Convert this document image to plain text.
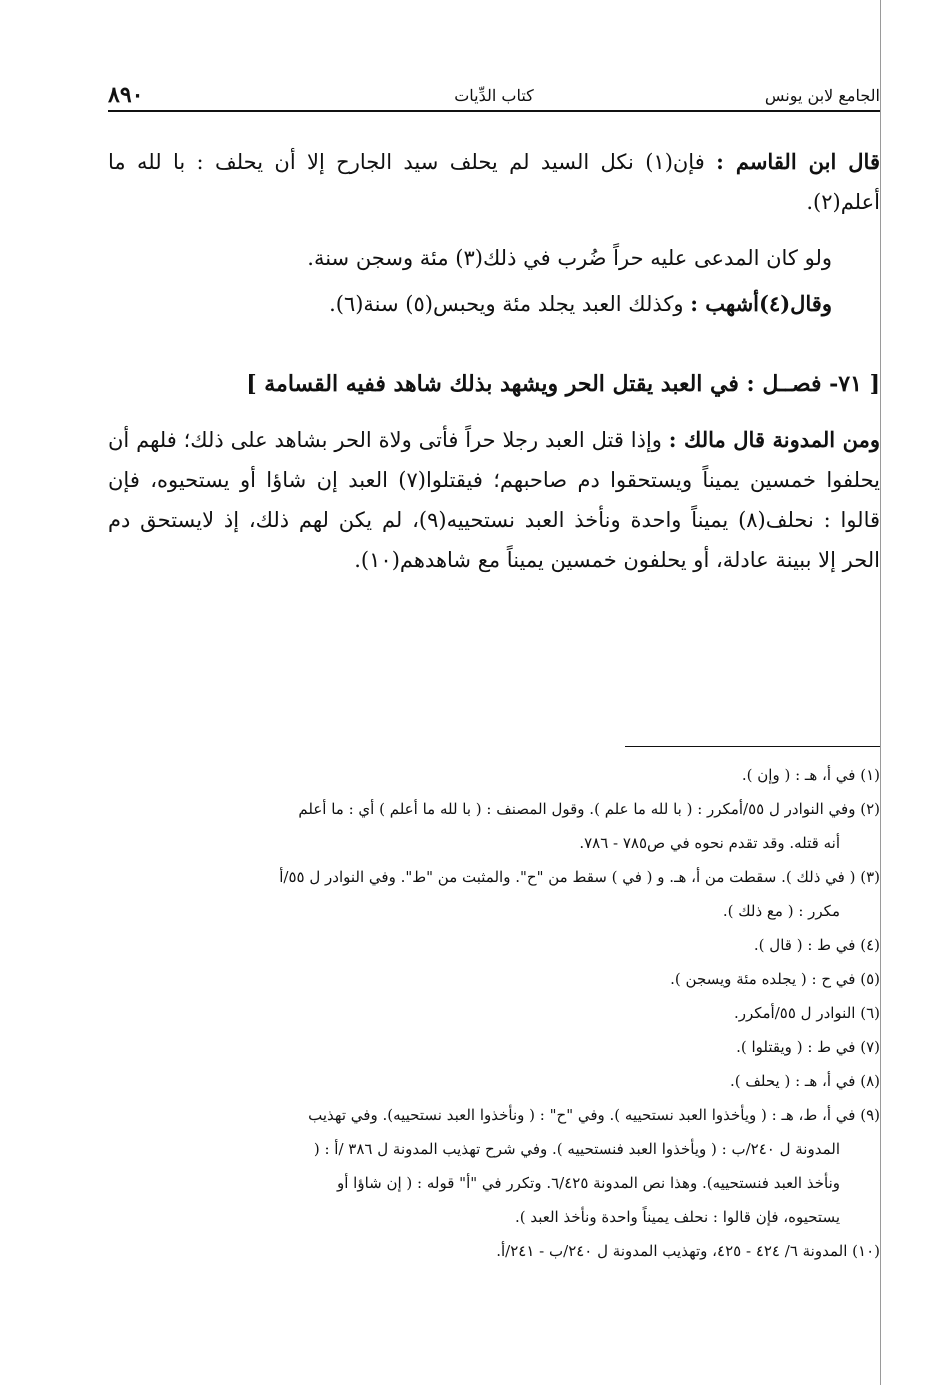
٨٩٠	كتاب الدِّيات	الجامع لابن يونس
قال ابن القاسم : فإن(١) نكل السيد لم يحلف سيد الجارح إلا أن يحلف : با لله ما أعلم(٢).
ولو كان المدعى عليه حراً ضُرب في ذلك(٣) مئة وسجن سنة.
وقال(٤)أشهب : وكذلك العبد يجلد مئة ويحبس(٥) سنة(٦).
[ ٧١- فصــل : في العبد يقتل الحر ويشهد بذلك شاهد ففيه القسامة ]
ومن المدونة قال مالك : وإذا قتل العبد رجلا حراً فأتى ولاة الحر بشاهد على ذلك؛ فلهم أن يحلفوا خمسين يميناً ويستحقوا دم صاحبهم؛ فيقتلوا(٧) العبد إن شاؤا أو يستحيوه، فإن قالوا : نحلف(٨) يميناً واحدة ونأخذ العبد نستحييه(٩)، لم يكن لهم ذلك، إذ لايستحق دم الحر إلا ببينة عادلة، أو يحلفون خمسين يميناً مع شاهدهم(١٠).

(١) في أ، هـ : ( وإن ).

(٢) وفي النوادر ل ٥٥/أمكرر : ( با لله ما علم ). وقول المصنف : ( با لله ما أعلم ) أي : ما أعلم

أنه قتله. وقد تقدم نحوه في ص٧٨٥ - ٧٨٦.

(٣) ( في ذلك ). سقطت من أ، هـ. و ( في ) سقط من "ح". والمثبت من "ط". وفي النوادر ل ٥٥/أ

مكرر : ( مع ذلك ).

(٤) في ط : ( قال ).

(٥) في ح : ( يجلده مئة ويسجن ).

(٦) النوادر ل ٥٥/أمكرر.

(٧) في ط : ( ويقتلوا ).

(٨) في أ، هـ : ( يحلف ).

(٩) في أ، ط، هـ : ( ويأخذوا العبد نستحييه ). وفي "ح" : ( ونأخذوا العبد نستحييه). وفي تهذيب

المدونة ل ٢٤٠/ب : ( ويأخذوا العبد فنستحييه ). وفي شرح تهذيب المدونة ل ٣٨٦ /أ : (

ونأخذ العبد فنستحييه). وهذا نص المدونة ٦/٤٢٥. وتكرر في "أ" قوله : ( إن شاؤا أو

يستحيوه، فإن قالوا : نحلف يميناً واحدة ونأخذ العبد ).

(١٠) المدونة ٦/ ٤٢٤ - ٤٢٥، وتهذيب المدونة ل ٢٤٠/ب - ٢٤١/أ.
